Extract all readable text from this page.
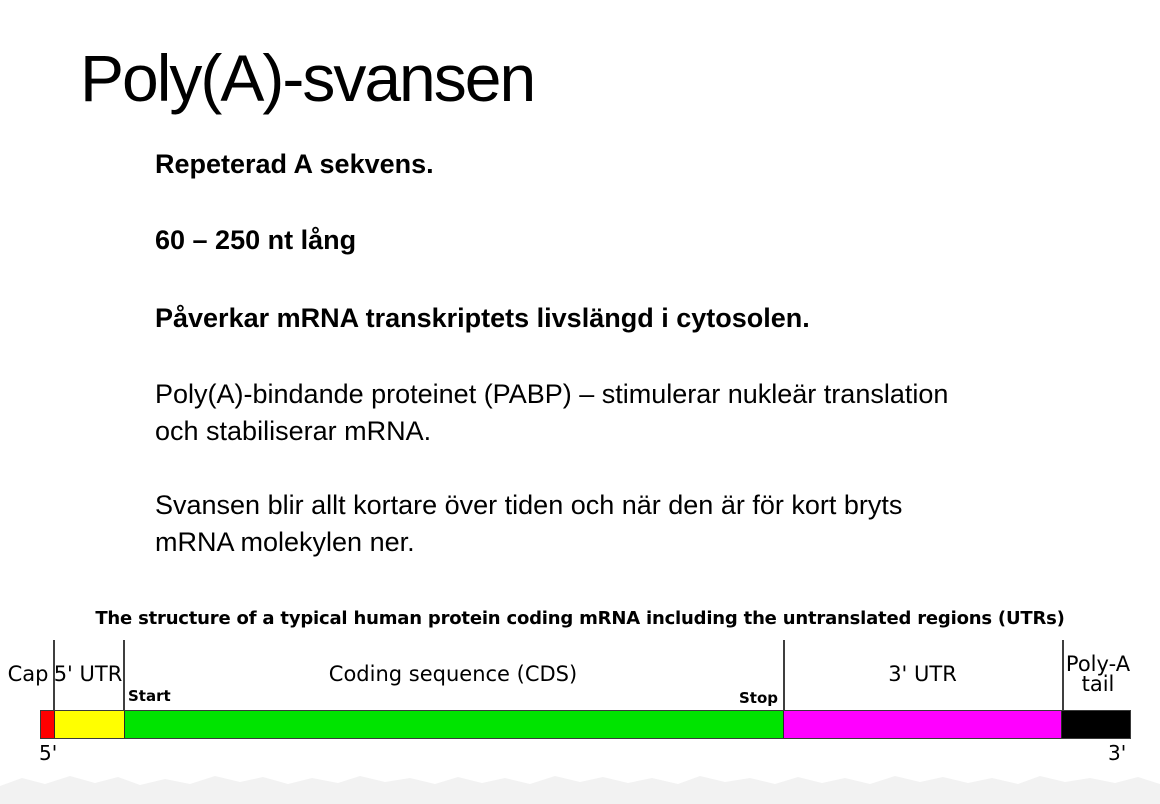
Poly(A)-svansen
Repeterad A sekvens.
60 – 250 nt lång
Påverkar mRNA transkriptets livslängd i cytosolen.
Poly(A)-bindande proteinet (PABP) – stimulerar nukleär translation
och stabiliserar mRNA.
Svansen blir allt kortare över tiden och när den är för kort bryts
mRNA molekylen ner.
The structure of a typical human protein coding mRNA including the untranslated regions (UTRs)
Cap 5' UTR	Coding sequence (CDS)	3' UTR	Poly-A
tail
Start	Stop
5'	3'
